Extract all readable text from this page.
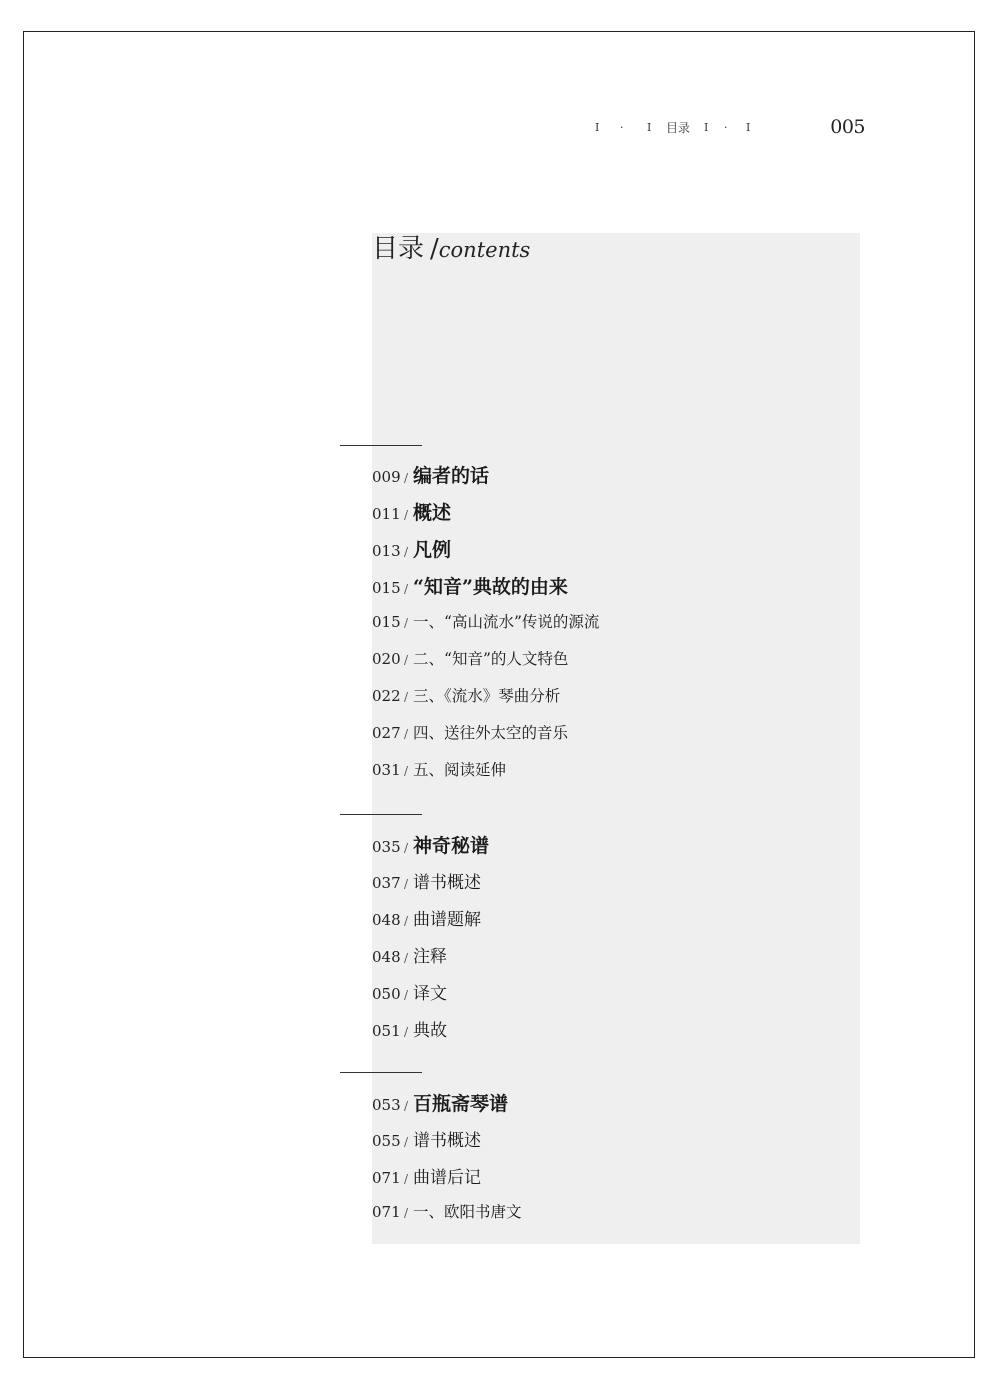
I · I 目录 I · I	005
目录 /contents
009 / 编者的话
011 / 概述
013 / 凡例
015 / “知音”典故的由来
015 / 一、“高山流水”传说的源流
020 / 二、“知音”的人文特色
022 / 三、《流水》琴曲分析
027 / 四、送往外太空的音乐
031 / 五、阅读延伸
035 / 神奇秘谱
037 / 谱书概述
048 / 曲谱题解
048 / 注释
050 / 译文
051 / 典故
053 / 百瓶斋琴谱
055 / 谱书概述
071 / 曲谱后记
071 / 一、欧阳书唐文
